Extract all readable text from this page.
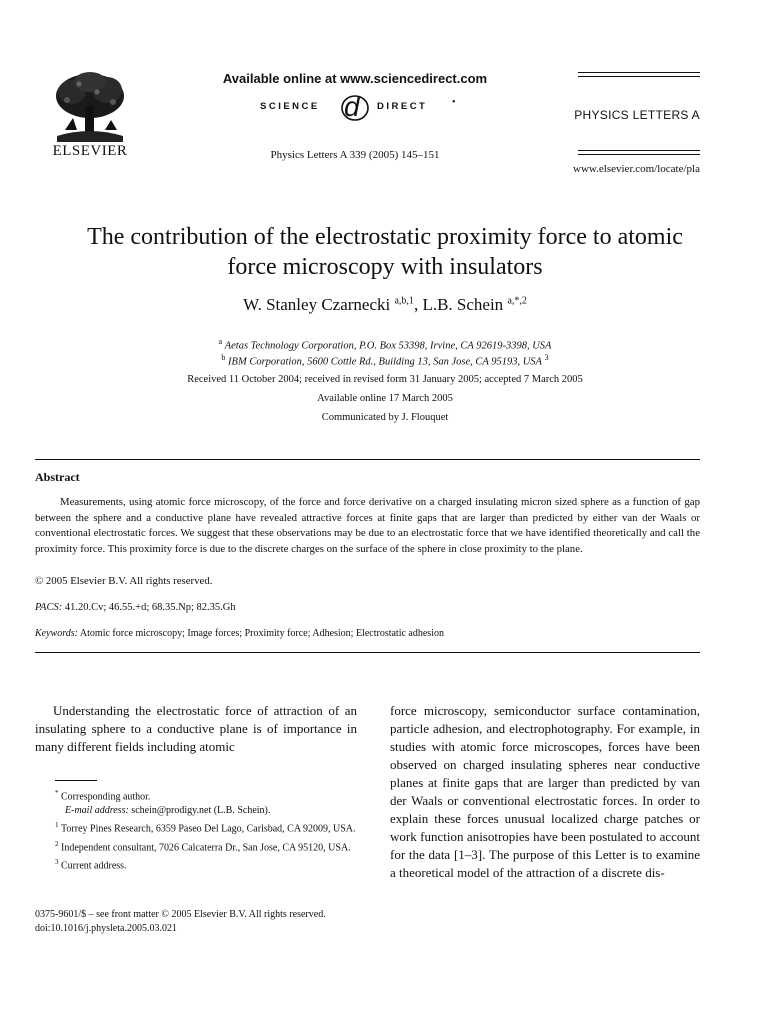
ELSEVIER
Available online at www.sciencedirect.com
SCIENCE d DIRECT •
Physics Letters A 339 (2005) 145–151
PHYSICS LETTERS A
www.elsevier.com/locate/pla
The contribution of the electrostatic proximity force to atomic
force microscopy with insulators
W. Stanley Czarnecki $^{a,b,1}$, L.B. Schein $^{a,*,2}$
$^a$ Aetas Technology Corporation, P.O. Box 53398, Irvine, CA 92619-3398, USA
$^b$ IBM Corporation, 5600 Cottle Rd., Building 13, San Jose, CA 95193, USA $^3$
Received 11 October 2004; received in revised form 31 January 2005; accepted 7 March 2005
Available online 17 March 2005
Communicated by J. Flouquet
Abstract

Measurements, using atomic force microscopy, of the force and force derivative on a charged insulating micron sized sphere as a function of gap between the sphere and a conductive plane have revealed attractive forces at finite gaps that are larger than predicted by either van der Waals or conventional electrostatic forces. We suggest that these observations may be due to an electrostatic force that we have identified theoretically and call the proximity force. This proximity force is due to the discrete charges on the surface of the sphere in close proximity to the plane.

© 2005 Elsevier B.V. All rights reserved.
PACS: 41.20.Cv; 46.55.+d; 68.35.Np; 82.35.Gh
Keywords: Atomic force microscopy; Image forces; Proximity force; Adhesion; Electrostatic adhesion

Understanding the electrostatic force of attraction of an insulating sphere to a conductive plane is of importance in many different fields including atomic

* Corresponding author.

E-mail address: schein@prodigy.net (L.B. Schein).

$^1$ Torrey Pines Research, 6359 Paseo Del Lago, Carlsbad, CA 92009, USA.

$^2$ Independent consultant, 7026 Calcaterra Dr., San Jose, CA 95120, USA.

$^3$ Current address.

force microscopy, semiconductor surface contamination, particle adhesion, and electrophotography. For example, in studies with atomic force microscopes, forces have been observed on charged insulating spheres near conductive planes at finite gaps that are larger than predicted by van der Waals or conventional electrostatic forces. In order to explain these forces unusual localized charge patches or work function anisotropies have been postulated to account for the data [1–3]. The purpose of this Letter is to examine a theoretical model of the attraction of a discrete dis-

0375-9601/$ – see front matter © 2005 Elsevier B.V. All rights reserved.
doi:10.1016/j.physleta.2005.03.021
